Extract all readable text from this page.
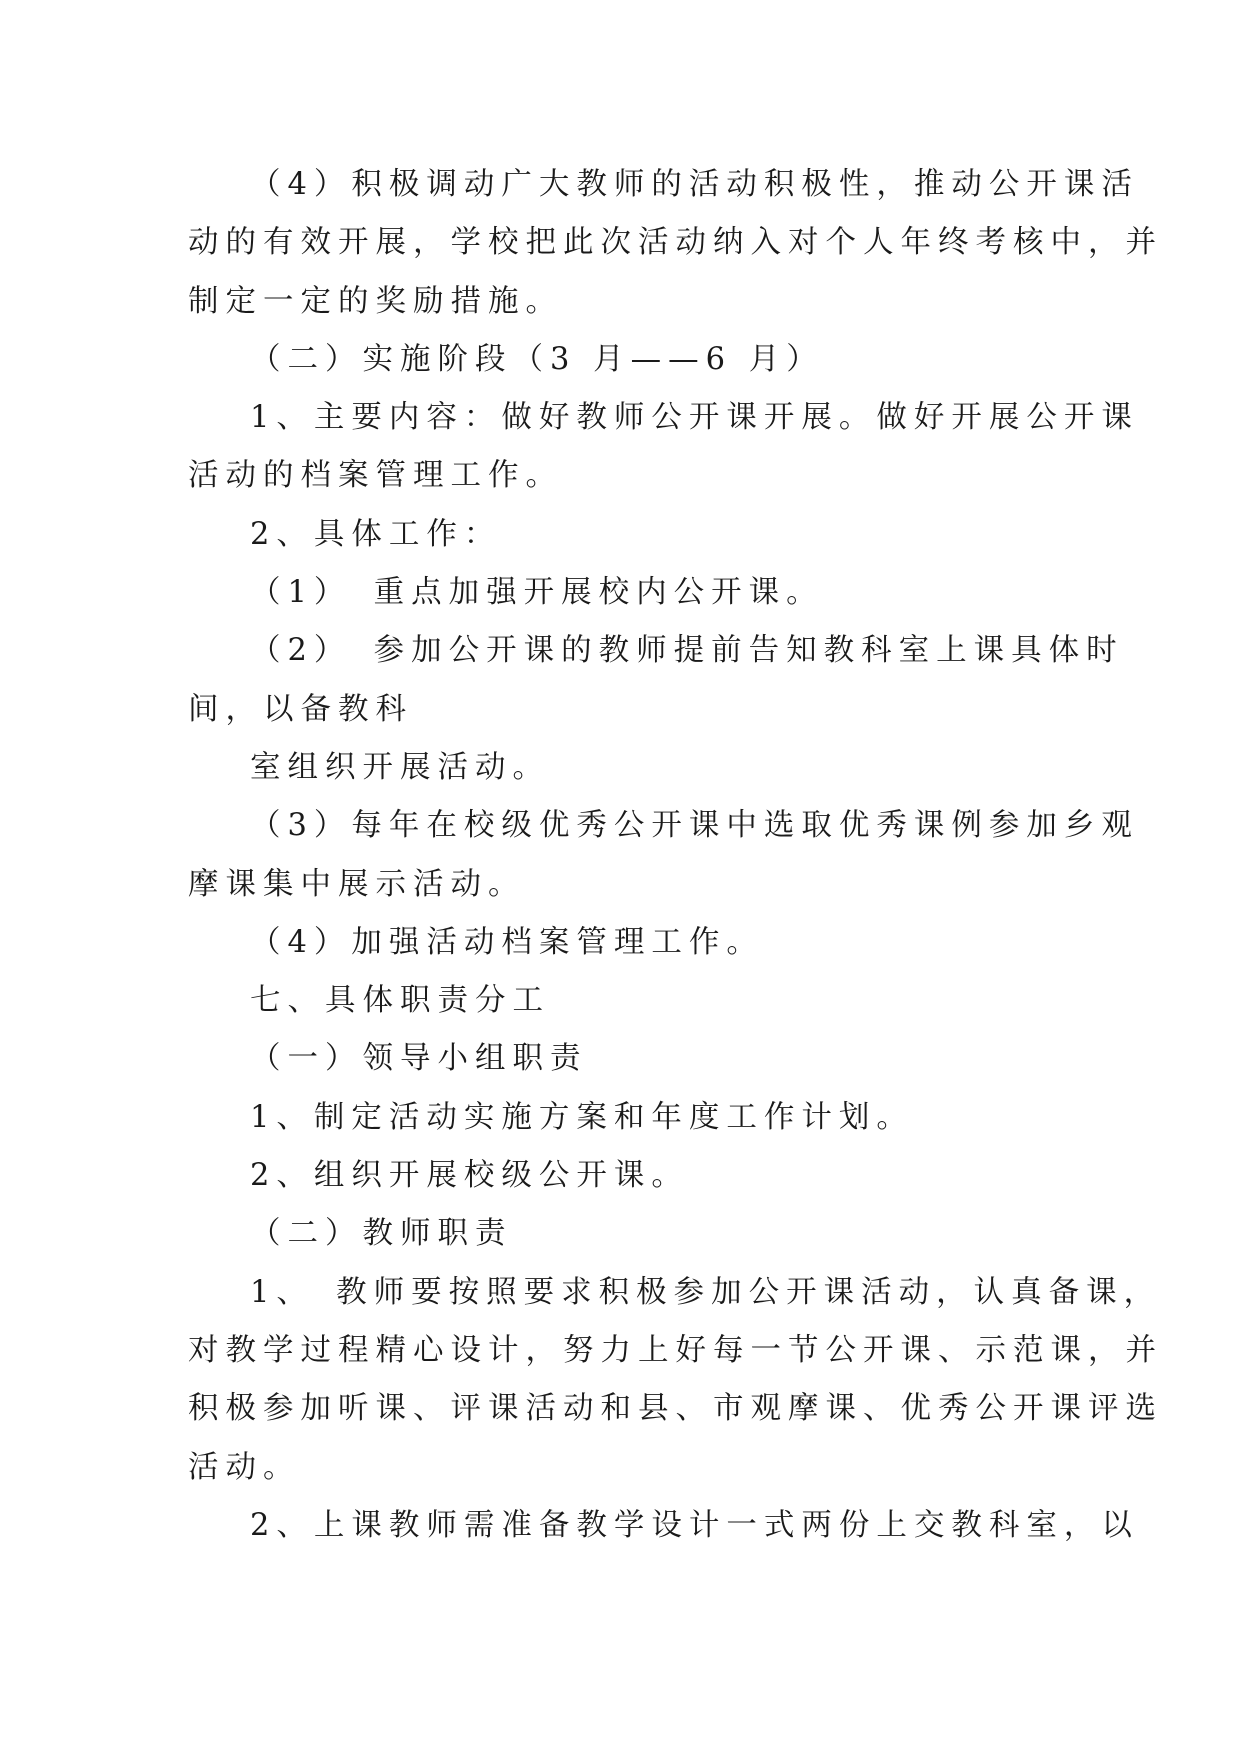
（4）积极调动广大教师的活动积极性，推动公开课活
动的有效开展，学校把此次活动纳入对个人年终考核中，并
制定一定的奖励措施。
（二）实施阶段（3 月——6 月）
1、主要内容：做好教师公开课开展。做好开展公开课
活动的档案管理工作。
2、具体工作：
（1）　重点加强开展校内公开课。
（2）　参加公开课的教师提前告知教科室上课具体时
间，以备教科
室组织开展活动。
（3）每年在校级优秀公开课中选取优秀课例参加乡观
摩课集中展示活动。
（4）加强活动档案管理工作。
七、具体职责分工
（一）领导小组职责
1、制定活动实施方案和年度工作计划。
2、组织开展校级公开课。
（二）教师职责
1、　教师要按照要求积极参加公开课活动，认真备课，
对教学过程精心设计，努力上好每一节公开课、示范课，并
积极参加听课、评课活动和县、市观摩课、优秀公开课评选
活动。
2、上课教师需准备教学设计一式两份上交教科室，以
